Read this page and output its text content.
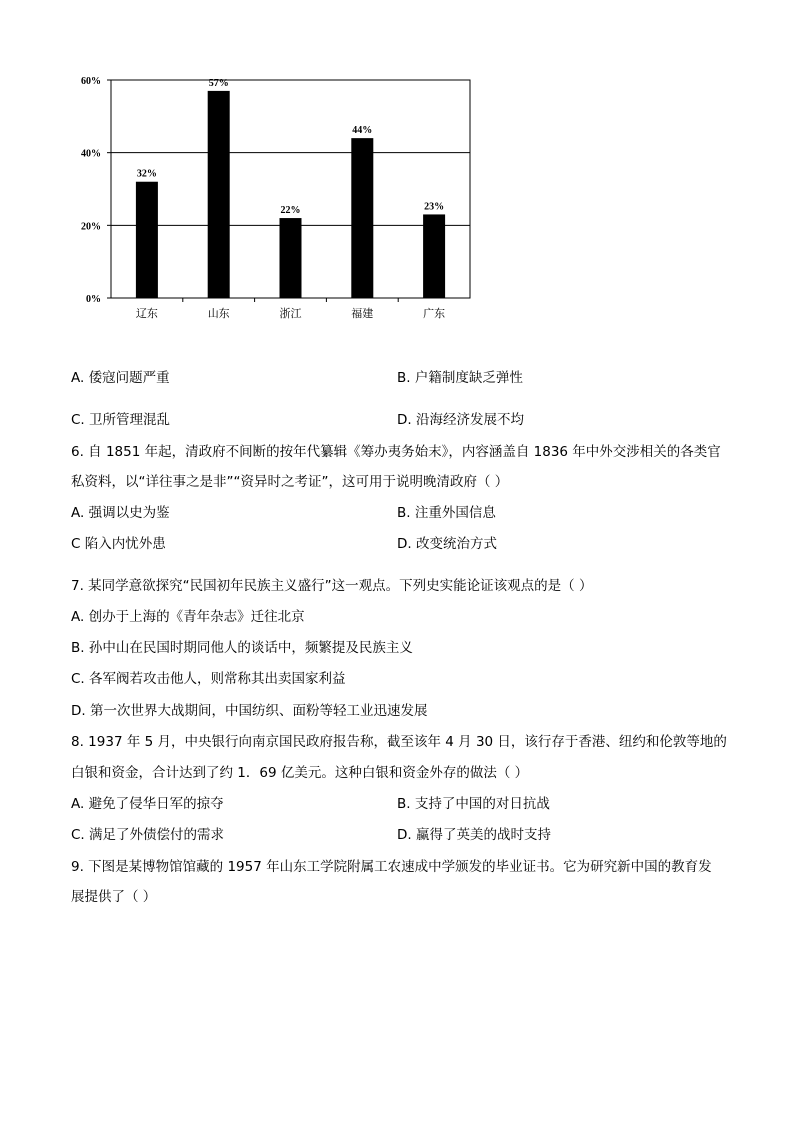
0%
20%
40%
60%
32%
辽东
57%
山东
22%
浙江
44%
福建
23%
广东
A. 倭寇问题严重	B. 户籍制度缺乏弹性
C. 卫所管理混乱	D. 沿海经济发展不均
6. 自 1851 年起，清政府不间断的按年代纂辑《筹办夷务始末》，内容涵盖自 1836 年中外交涉相关的各类官
私资料，以“详往事之是非”“资异时之考证”，这可用于说明晚清政府（ ）
A. 强调以史为鉴	B. 注重外国信息
C 陷入内忧外患	D. 改变统治方式
7. 某同学意欲探究“民国初年民族主义盛行”这一观点。下列史实能论证该观点的是（ ）
A. 创办于上海的《青年杂志》迁往北京
B. 孙中山在民国时期同他人的谈话中，频繁提及民族主义
C. 各军阀若攻击他人，则常称其出卖国家利益
D. 第一次世界大战期间，中国纺织、面粉等轻工业迅速发展
8. 1937 年 5 月，中央银行向南京国民政府报告称，截至该年 4 月 30 日，该行存于香港、纽约和伦敦等地的
白银和资金，合计达到了约 1．69 亿美元。这种白银和资金外存的做法（ ）
A. 避免了侵华日军的掠夺	B. 支持了中国的对日抗战
C. 满足了外债偿付的需求	D. 赢得了英美的战时支持
9. 下图是某博物馆馆藏的 1957 年山东工学院附属工农速成中学颁发的毕业证书。它为研究新中国的教育发
展提供了（ ）
